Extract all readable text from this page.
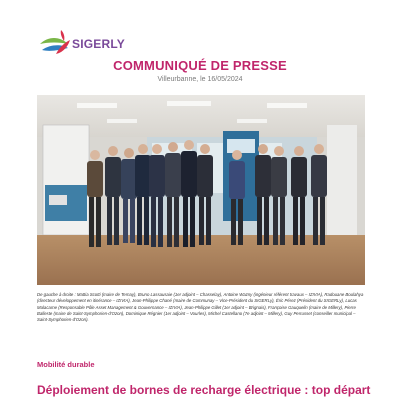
SIGERLY
COMMUNIQUÉ DE PRESSE
Villeurbanne, le 16/05/2024
De gauche à droite : Mattia Scotti (maire de Ternay), Bruno Lassausaie (1er adjoint – Chasselay), Antoine Wazny (ingénieur référent travaux – IZIVIA), Radouane Boulahya (directeur développement en itinérance – IZIVIA), Jean-Philippe Chané (maire de Communay – Vice-Président du SIGERLy), Éric Pérez (Président du SIGERLy), Lucas Malacarne (Responsable Pôle Asset Management & Gouvernance – IZIVIA), Jean-Philippe Gillet (1er adjoint – Brignais), Françoise Gauquelin (maire de Millery), Pierre Balleste (maire de Saint-Symphorien-d'Ozon), Dominique Régnier (1er adjoint – Vourles), Michel Castellano (7e adjoint – Millery), Guy Perrusset (conseiller municipal – Saint-Symphorien-d'Ozon).
Mobilité durable
Déploiement de bornes de recharge électrique : top départ
